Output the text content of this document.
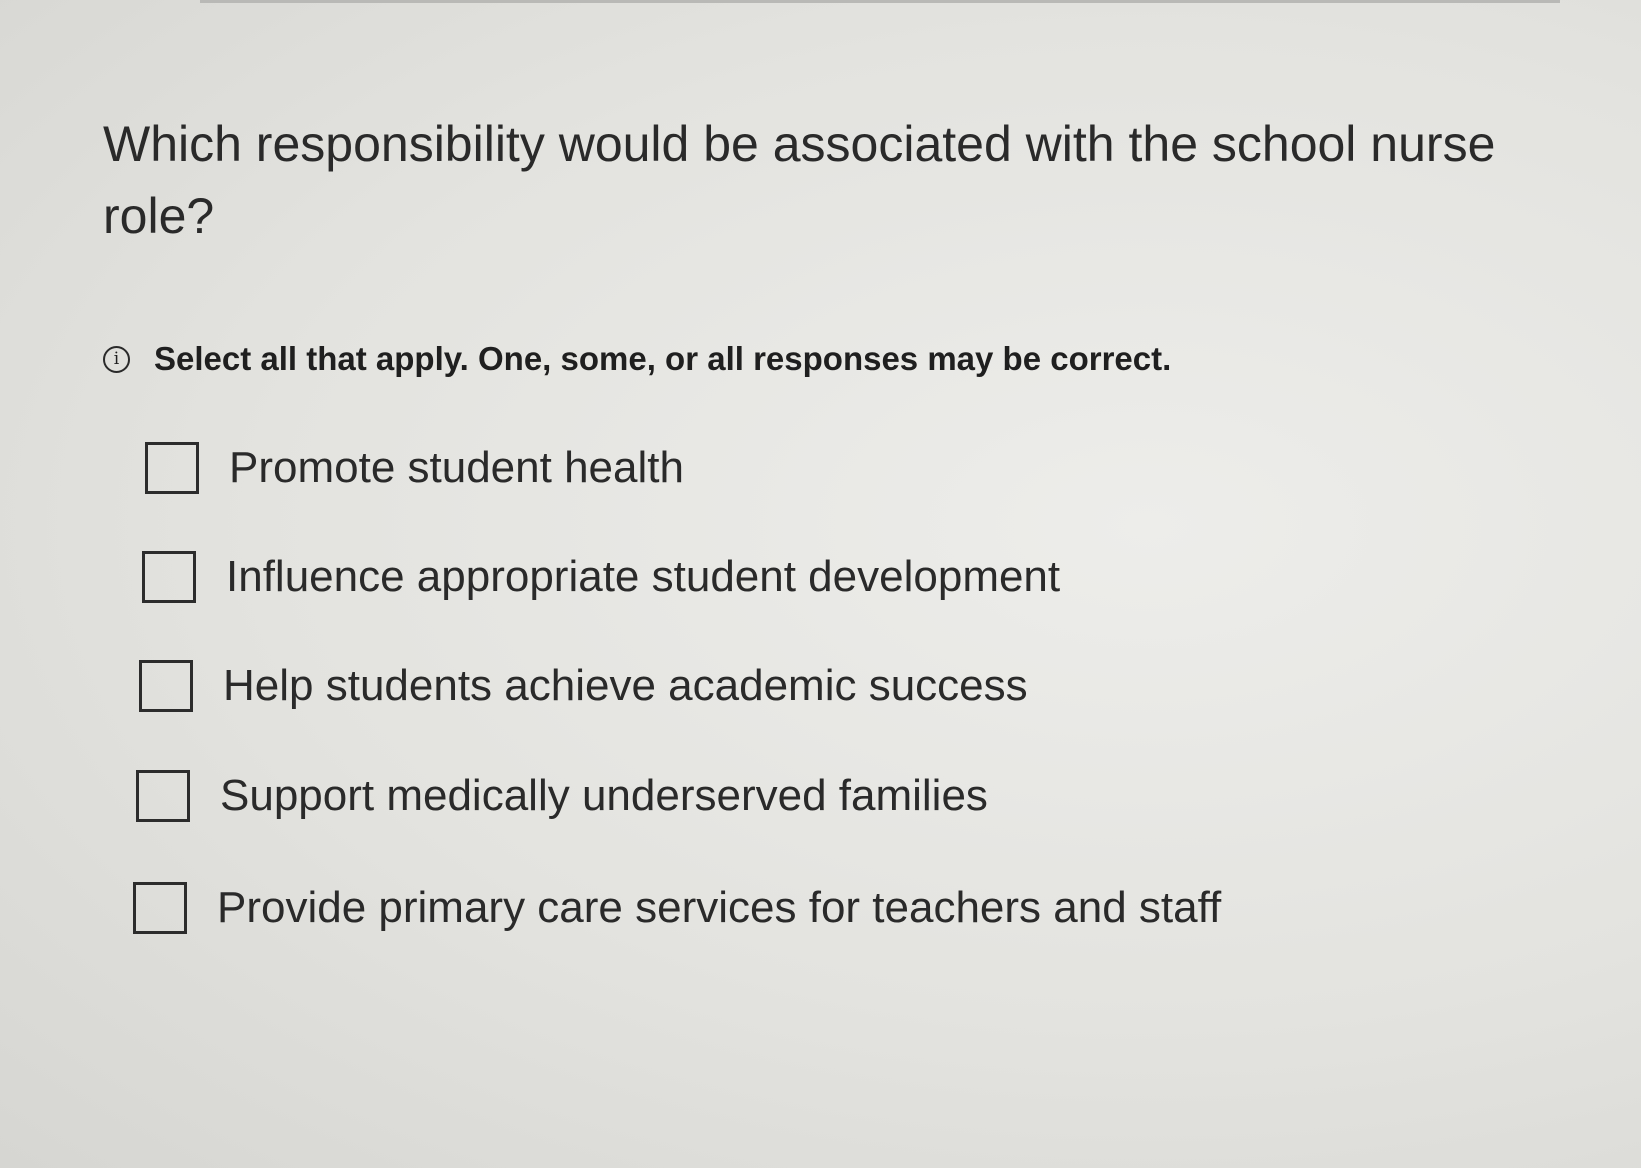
Which responsibility would be associated with the school nurse role?
i	Select all that apply. One, some, or all responses may be correct.
Promote student health
Influence appropriate student development
Help students achieve academic success
Support medically underserved families
Provide primary care services for teachers and staff
